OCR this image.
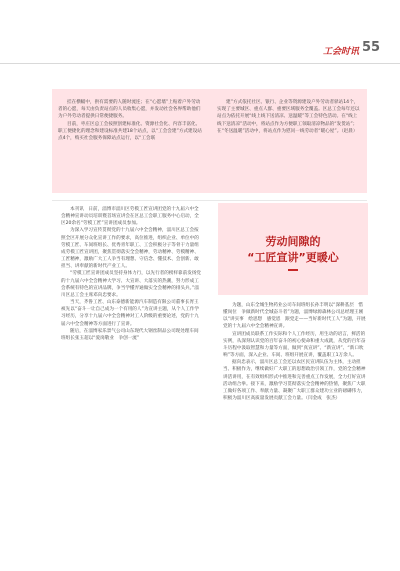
工会时讯 55

挂在横幅中，供有需要的人随时流连；在“心愿墙”上贴着户外劳动者的心愿，每天由负责站点的人员收集心愿，并发动社会各界帮助他们为户外劳动者提供日常便捷服务。

目前，枣庄区总工会按照创建标准化、资源社会化、内容丰富化、职工便捷化的理念和建设标准共建18个站点，以“工会会建”方式建设站点4个，购买社会服务保障站点运行，以“工会联

建”方式依托社区、银行、企业等资源建设户外劳动者驿站14个，实现了主要城区、重点人群、重要区域服务全覆盖。区总工会每年还以站点为依托开展“线上线下送清凉、送温暖”等工会特色活动。在“线上线下送清凉”活动中，将站点作为方便职工领取清凉物品的“发货站”；在“冬送温暖”活动中，将站点作为慰问一线劳动者“暖心屋”。（赵晨）

本刊讯　日前，淄博市淄川区劳模工匠宣讲团党的十九届六中全会精神宣讲动员培训暨首场宣讲会在区总工会职工服务中心启动，全区20余名“劳模工匠”宣讲团成员参加。

为深入学习宣传贯彻党的十九届六中全会精神，淄川区总工会按照全区开展分众化宣讲工作的要求，高位推进，组织企业、单位中的劳模工匠、车间班组长、优秀青年职工、工会积极分子等骨干力量组成劳模工匠宣讲团，聚焦贯彻落实全会精神，劳动精神、劳模精神、工匠精神，激励广大工人争当有理想、守信念、懂技术、会创新、敢担当、讲奉献的新时代产业工人。

“劳模工匠宣讲团成员坚持身体力行，以先行者的榜样靠前发扬党的十九届六中全会精神大学习、大宣讲、大落实的热潮，努力形成工会系统有特色的宣讲品牌，争当学懂弄通做实全会精神的排头兵。”淄川区总工会主席邓向忠要求。

当天，齐鲁工匠、山东泰德新能源汽车制造有限公司董事长胥王祯先以“奋斗一让自己成为一个有用的人”为宣讲主题，从个人工作学习经历，分享十九届六中全会精神对工人阶级的重要论述，党的十九届六中全会精神等方面进行了宣讲。

随后，在淄博家乐景气公司山东现代大钢丝制品公司现处理车间班组长张玉超以“爱岗敬业　争创一流”

劳动间隙的
“工匠宣讲”更暖心

为题，山东全城生物药业公司车间班组长孙丰明以“深耕基层　惜懂岗位　争做新时代全城奋斗者”为题，淄博绿源森林公司总经理王刚以“讲实事　绘思想　感觉恩　跟党走——当好新时代工人”为题，开展党的十九届六中全会精神宣讲。

宣讲团成员联系工作实际和个人工作经历，用生动的语言，鲜活的实例，从深刻认识党的百年奋斗的初心使命和重大成就，从党的百年奋斗历程中汲取智慧和力量等方面，做到“真宣讲”、“新宣讲”、“新口吹响”等方面，深入企业、车间、班组开展宣讲，覆盖职工1万余人。

据向忠表示，淄川区总工会还以农区民宣讲队伍为主体，主动担当、积极作为，继续做好广大职工的思想政治引领工作，党的全会精神讲活讲用，在有效组织形式中推进和完善重点工作发展，全力打好宣讲活动组合拳。接下来，激励学习贯彻落实全会精神的热情，聚焦广大职工做好各项工作、奉献力量、凝聚广大职工群众建功立业的磅礴伟力，积极为淄川区高质量发展贡献工会力量。（闫金成　张杰）
